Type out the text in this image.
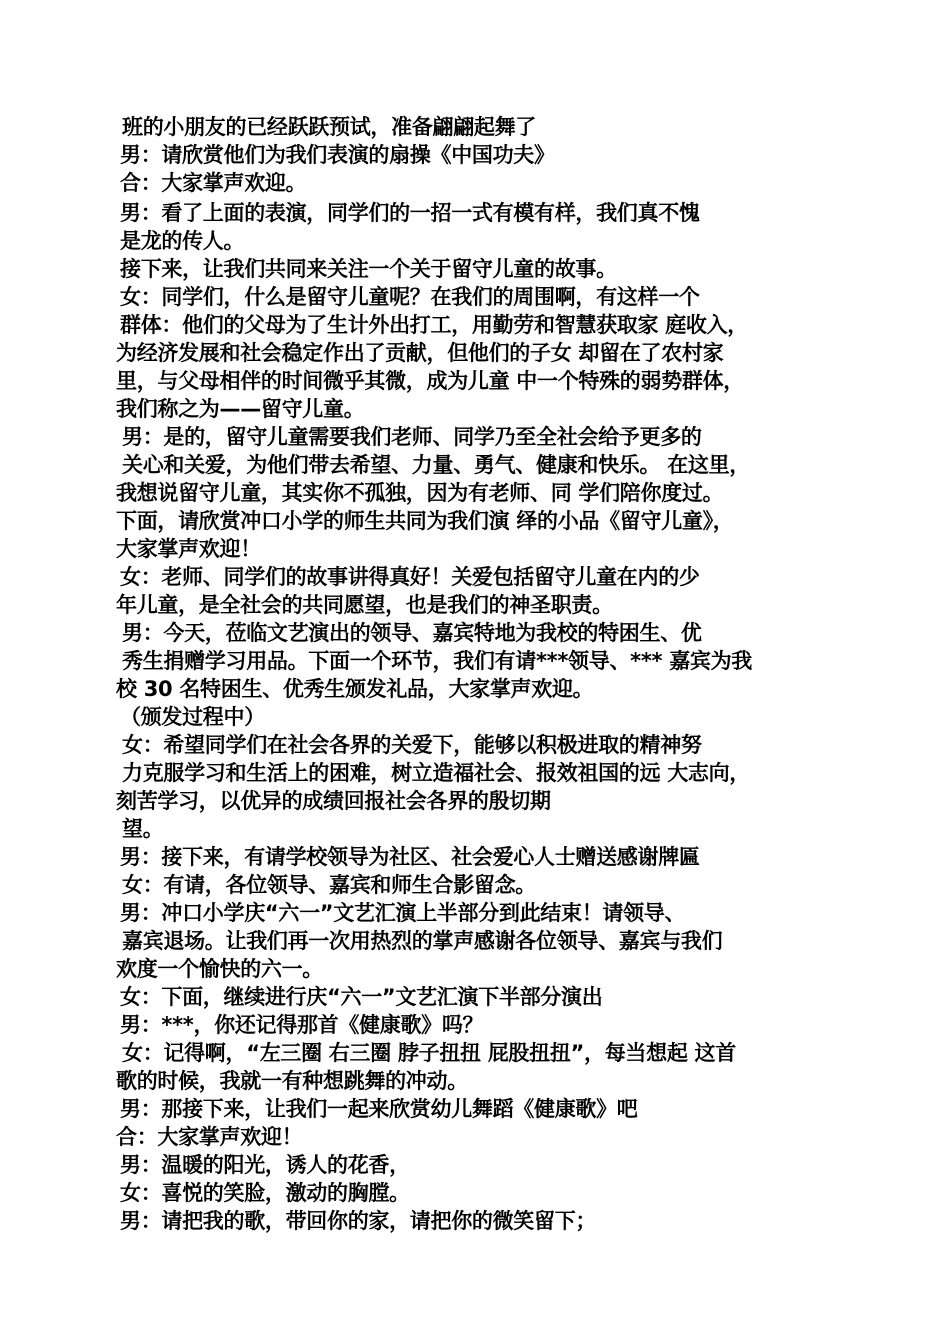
班的小朋友的已经跃跃预试，准备翩翩起舞了
男：请欣赏他们为我们表演的扇操《中国功夫》
合：大家掌声欢迎。
男：看了上面的表演，同学们的一招一式有模有样，我们真不愧
是龙的传人。
接下来，让我们共同来关注一个关于留守儿童的故事。
女：同学们，什么是留守儿童呢？在我们的周围啊，有这样一个
群体：他们的父母为了生计外出打工，用勤劳和智慧获取家 庭收入，
为经济发展和社会稳定作出了贡献，但他们的子女 却留在了农村家
里，与父母相伴的时间微乎其微，成为儿童 中一个特殊的弱势群体，
我们称之为——留守儿童。
男：是的，留守儿童需要我们老师、同学乃至全社会给予更多的
关心和关爱，为他们带去希望、力量、勇气、健康和快乐。 在这里，
我想说留守儿童，其实你不孤独，因为有老师、同 学们陪你度过。
下面，请欣赏冲口小学的师生共同为我们演 绎的小品《留守儿童》，
大家掌声欢迎！
女：老师、同学们的故事讲得真好！关爱包括留守儿童在内的少
年儿童，是全社会的共同愿望，也是我们的神圣职责。
男：今天，莅临文艺演出的领导、嘉宾特地为我校的特困生、优
秀生捐赠学习用品。下面一个环节，我们有请***领导、*** 嘉宾为我
校 30 名特困生、优秀生颁发礼品，大家掌声欢迎。
（颁发过程中）
女：希望同学们在社会各界的关爱下，能够以积极进取的精神努
力克服学习和生活上的困难，树立造福社会、报效祖国的远 大志向，
刻苦学习，以优异的成绩回报社会各界的殷切期
望。
男：接下来，有请学校领导为社区、社会爱心人士赠送感谢牌匾
女：有请，各位领导、嘉宾和师生合影留念。
男：冲口小学庆“六一”文艺汇演上半部分到此结束！请领导、
嘉宾退场。让我们再一次用热烈的掌声感谢各位领导、嘉宾与我们
欢度一个愉快的六一。
女：下面，继续进行庆“六一”文艺汇演下半部分演出
男：***，你还记得那首《健康歌》吗？
女：记得啊，“左三圈 右三圈 脖子扭扭 屁股扭扭”，每当想起 这首
歌的时候，我就一有种想跳舞的冲动。
男：那接下来，让我们一起来欣赏幼儿舞蹈《健康歌》吧
合：大家掌声欢迎！
男：温暖的阳光，诱人的花香，
女：喜悦的笑脸，激动的胸膛。
男：请把我的歌，带回你的家，请把你的微笑留下；
